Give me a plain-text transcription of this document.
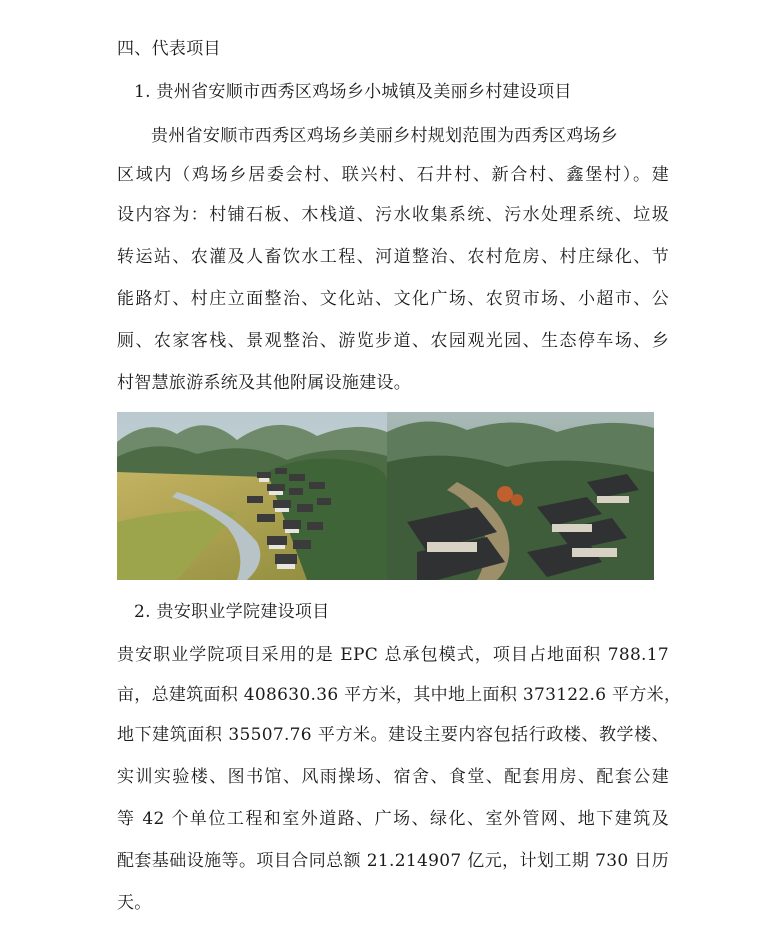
四、代表项目
1. 贵州省安顺市西秀区鸡场乡小城镇及美丽乡村建设项目
贵州省安顺市西秀区鸡场乡美丽乡村规划范围为西秀区鸡场乡
区域内（鸡场乡居委会村、联兴村、石井村、新合村、鑫堡村）。建
设内容为：村铺石板、木栈道、污水收集系统、污水处理系统、垃圾
转运站、农灌及人畜饮水工程、河道整治、农村危房、村庄绿化、节
能路灯、村庄立面整治、文化站、文化广场、农贸市场、小超市、公
厕、农家客栈、景观整治、游览步道、农园观光园、生态停车场、乡
村智慧旅游系统及其他附属设施建设。
2. 贵安职业学院建设项目
贵安职业学院项目采用的是 EPC 总承包模式，项目占地面积 788.17
亩，总建筑面积 408630.36 平方米，其中地上面积 373122.6 平方米，
地下建筑面积 35507.76 平方米。建设主要内容包括行政楼、教学楼、
实训实验楼、图书馆、风雨操场、宿舍、食堂、配套用房、配套公建
等 42 个单位工程和室外道路、广场、绿化、室外管网、地下建筑及
配套基础设施等。项目合同总额 21.214907 亿元，计划工期 730 日历
天。
